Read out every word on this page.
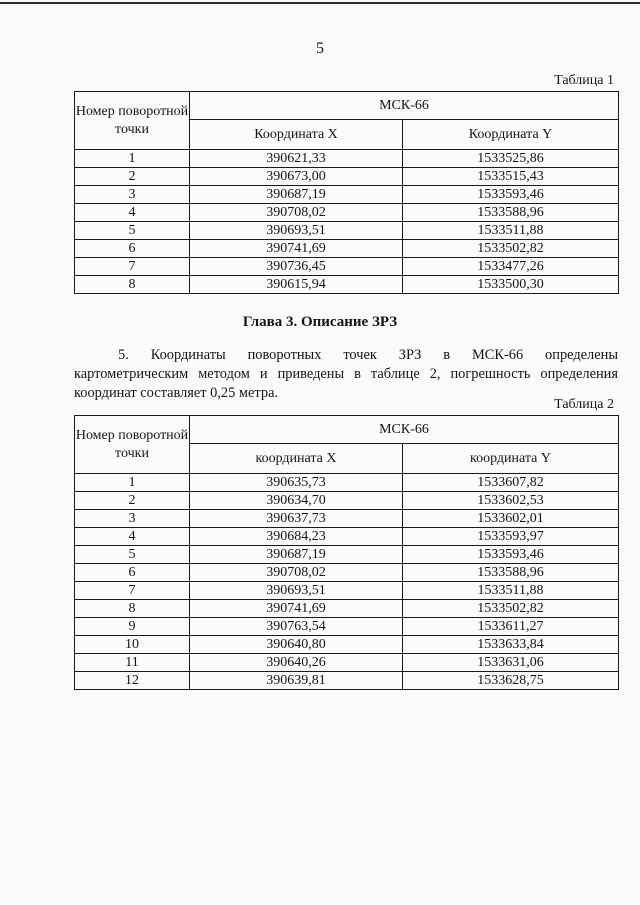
5
Таблица 1
Номер поворотной точки	МСК-66	
	Координата X	Координата Y
1	390621,33	1533525,86
2	390673,00	1533515,43
3	390687,19	1533593,46
4	390708,02	1533588,96
5	390693,51	1533511,88
6	390741,69	1533502,82
7	390736,45	1533477,26
8	390615,94	1533500,30
Глава 3. Описание ЗРЗ
5. Координаты поворотных точек ЗРЗ в МСК-66 определены
картометрическим методом и приведены в таблице 2, погрешность определения координат составляет 0,25 метра.
Таблица 2
Номер поворотной точки	МСК-66	
	координата X	координата Y
1	390635,73	1533607,82
2	390634,70	1533602,53
3	390637,73	1533602,01
4	390684,23	1533593,97
5	390687,19	1533593,46
6	390708,02	1533588,96
7	390693,51	1533511,88
8	390741,69	1533502,82
9	390763,54	1533611,27
10	390640,80	1533633,84
11	390640,26	1533631,06
12	390639,81	1533628,75
